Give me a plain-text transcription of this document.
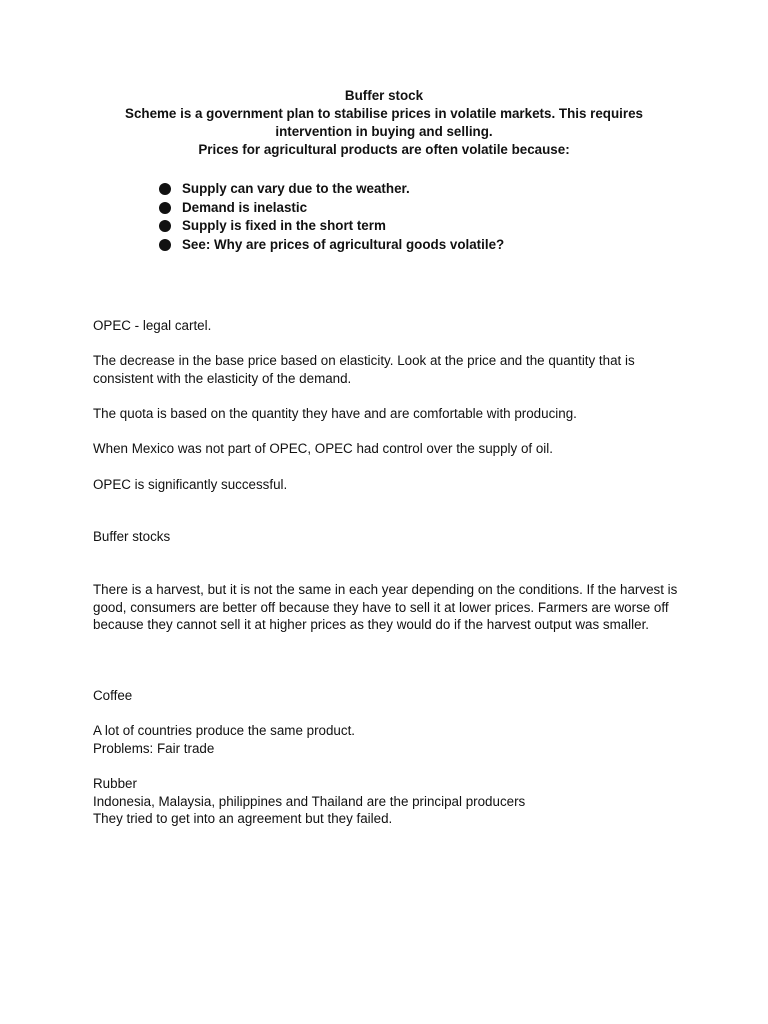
Buffer stock
Scheme is a government plan to stabilise prices in volatile markets. This requires
intervention in buying and selling.
Prices for agricultural products are often volatile because:
Supply can vary due to the weather.
Demand is inelastic
Supply is fixed in the short term
See: Why are prices of agricultural goods volatile?

OPEC - legal cartel.

The decrease in the base price based on elasticity. Look at the price and the quantity that is consistent with the elasticity of the demand.

The quota is based on the quantity they have and are comfortable with producing.

When Mexico was not part of OPEC, OPEC had control over the supply of oil.

OPEC is significantly successful.

Buffer stocks

There is a harvest, but it is not the same in each year depending on the conditions. If the harvest is good, consumers are better off because they have to sell it at lower prices. Farmers are worse off because they cannot sell it at higher prices as they would do if the harvest output was smaller.

Coffee

A lot of countries produce the same product.

Problems: Fair trade

Rubber

Indonesia, Malaysia, philippines and Thailand are the principal producers

They tried to get into an agreement but they failed.
